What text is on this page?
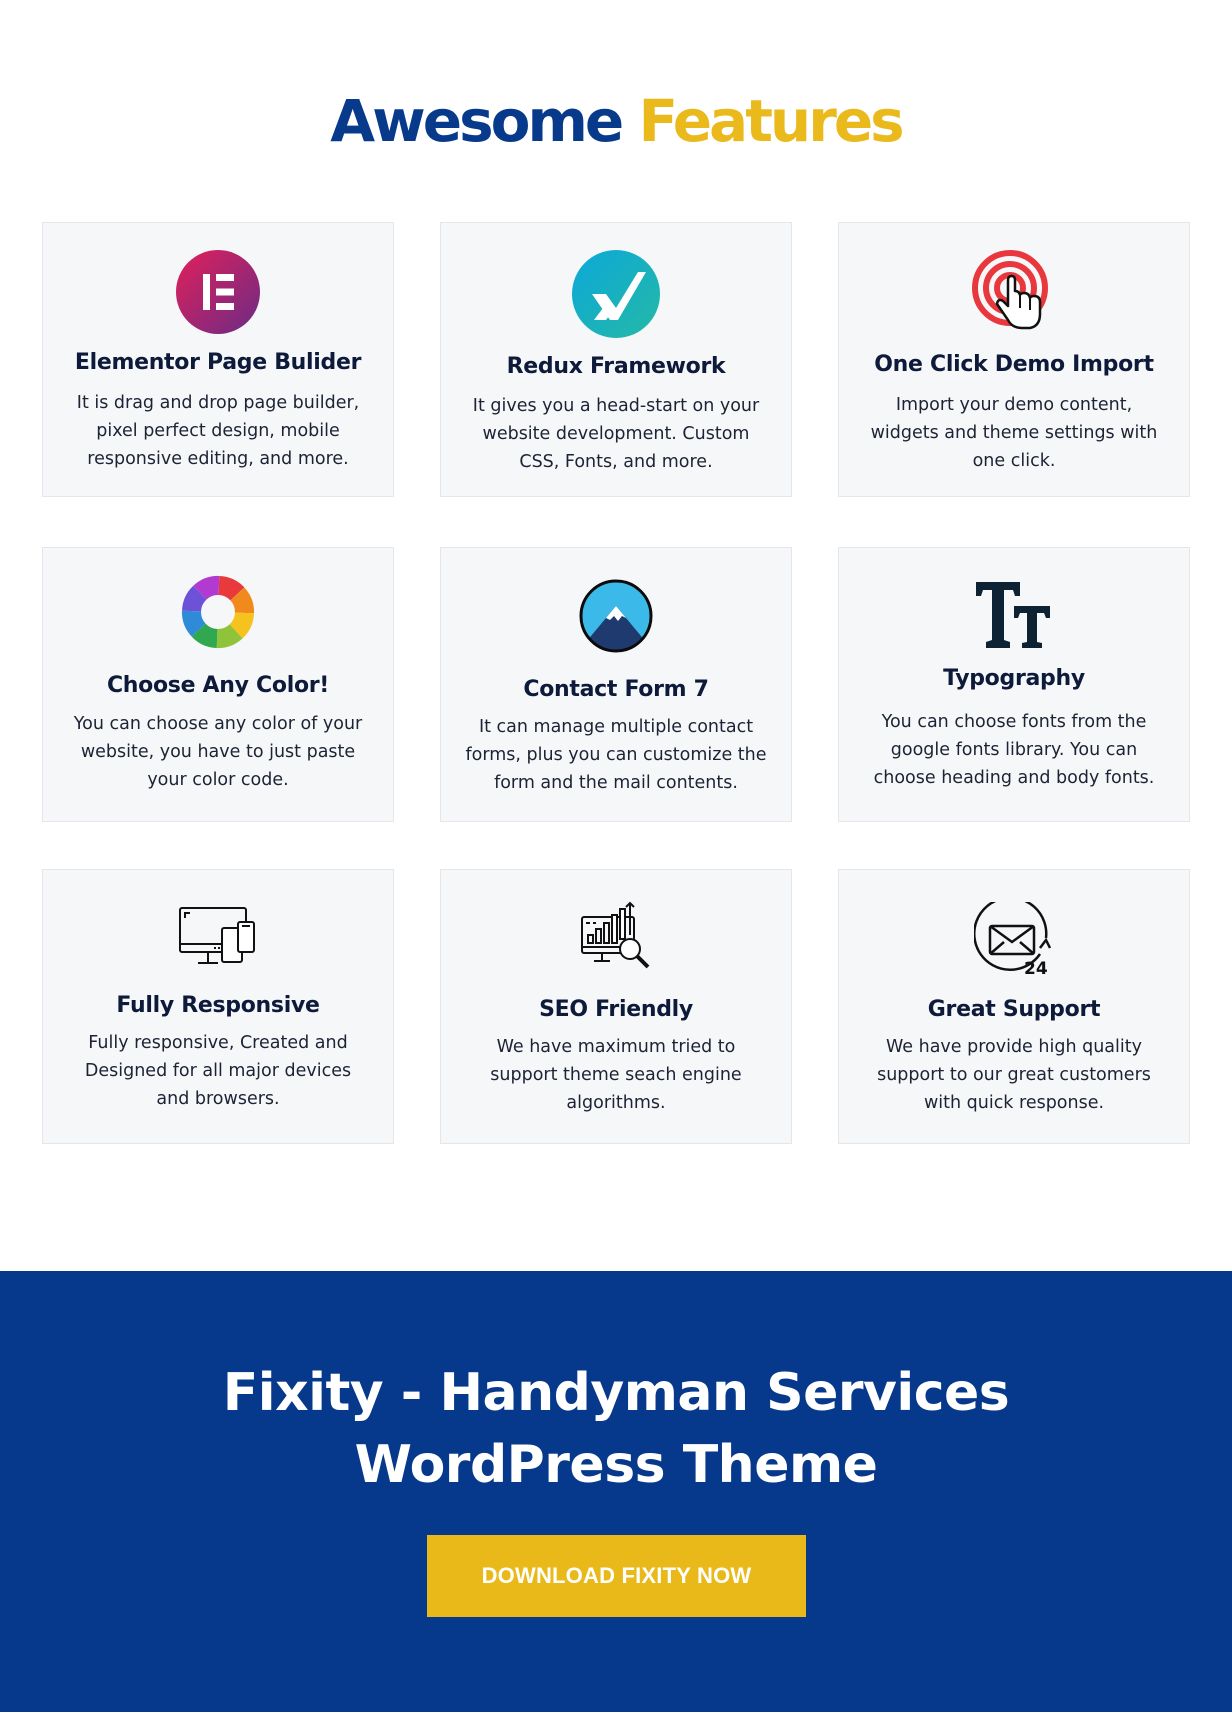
Awesome Features
Elementor Page Bulider

It is drag and drop page builder, pixel perfect design, mobile responsive editing, and more.

Redux Framework

It gives you a head-start on your website development. Custom CSS, Fonts, and more.

One Click Demo Import

Import your demo content, widgets and theme settings with one click.

Choose Any Color!

You can choose any color of your website, you have to just paste your color code.

Contact Form 7

It can manage multiple contact forms, plus you can customize the form and the mail contents.

Typography

You can choose fonts from the google fonts library. You can choose heading and body fonts.

Fully Responsive

Fully responsive, Created and Designed for all major devices and browsers.

SEO Friendly

We have maximum tried to support theme seach engine algorithms.

24
Great Support

We have provide high quality support to our great customers with quick response.

Fixity - Handyman Services
WordPress Theme
DOWNLOAD FIXITY NOW
